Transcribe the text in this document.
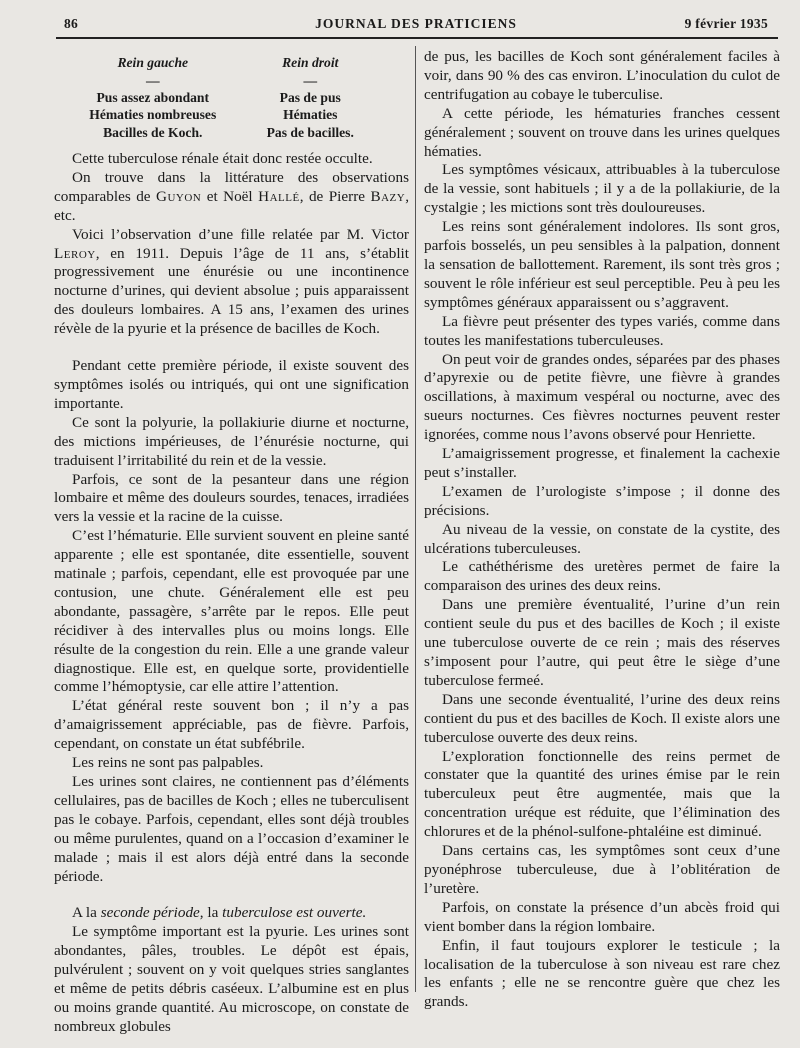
86	JOURNAL DES PRATICIENS	9 février 1935
Rein gauche
—
Pus assez abondant
Hématies nombreuses
Bacilles de Koch.
Rein droit
—
Pas de pus
Hématies
Pas de bacilles.

Cette tuberculose rénale était donc restée occulte.

On trouve dans la littérature des observations comparables de Guyon et Noël Hallé, de Pierre Bazy, etc.

Voici l’observation d’une fille relatée par M. Victor Leroy, en 1911. Depuis l’âge de 11 ans, s’établit progressivement une énurésie ou une incontinence nocturne d’urines, qui devient absolue ; puis apparaissent des douleurs lombaires. A 15 ans, l’examen des urines révèle de la pyurie et la présence de bacilles de Koch.

Pendant cette première période, il existe souvent des symptômes isolés ou intriqués, qui ont une signification importante.

Ce sont la polyurie, la pollakiurie diurne et nocturne, des mictions impérieuses, de l’énurésie nocturne, qui traduisent l’irritabilité du rein et de la vessie.

Parfois, ce sont de la pesanteur dans une région lombaire et même des douleurs sourdes, tenaces, irradiées vers la vessie et la racine de la cuisse.

C’est l’hématurie. Elle survient souvent en pleine santé apparente ; elle est spontanée, dite essentielle, souvent matinale ; parfois, cependant, elle est provoquée par une contusion, une chute. Généralement elle est peu abondante, passagère, s’arrête par le repos. Elle peut récidiver à des intervalles plus ou moins longs. Elle résulte de la congestion du rein. Elle a une grande valeur diagnostique. Elle est, en quelque sorte, providentielle comme l’hémoptysie, car elle attire l’attention.

L’état général reste souvent bon ; il n’y a pas d’amaigrissement appréciable, pas de fièvre. Parfois, cependant, on constate un état subfébrile.

Les reins ne sont pas palpables.

Les urines sont claires, ne contiennent pas d’éléments cellulaires, pas de bacilles de Koch ; elles ne tuberculisent pas le cobaye. Parfois, cependant, elles sont déjà troubles ou même purulentes, quand on a l’occasion d’examiner le malade ; mais il est alors déjà entré dans la seconde période.

A la seconde période, la tuberculose est ouverte.

Le symptôme important est la pyurie. Les urines sont abondantes, pâles, troubles. Le dépôt est épais, pulvérulent ; souvent on y voit quelques stries sanglantes et même de petits débris caséeux. L’albumine est en plus ou moins grande quantité. Au microscope, on constate de nombreux globules

de pus, les bacilles de Koch sont généralement faciles à voir, dans 90 % des cas environ. L’inoculation du culot de centrifugation au cobaye le tuberculise.

A cette période, les hématuries franches cessent généralement ; souvent on trouve dans les urines quelques hématies.

Les symptômes vésicaux, attribuables à la tuberculose de la vessie, sont habituels ; il y a de la pollakiurie, de la cystalgie ; les mictions sont très douloureuses.

Les reins sont généralement indolores. Ils sont gros, parfois bosselés, un peu sensibles à la palpation, donnent la sensation de ballottement. Rarement, ils sont très gros ; souvent le rôle inférieur est seul perceptible. Peu à peu les symptômes généraux apparaissent ou s’aggravent.

La fièvre peut présenter des types variés, comme dans toutes les manifestations tuberculeuses.

On peut voir de grandes ondes, séparées par des phases d’apyrexie ou de petite fièvre, une fièvre à grandes oscillations, à maximum vespéral ou nocturne, avec des sueurs nocturnes. Ces fièvres nocturnes peuvent rester ignorées, comme nous l’avons observé pour Henriette.

L’amaigrissement progresse, et finalement la cachexie peut s’installer.

L’examen de l’urologiste s’impose ; il donne des précisions.

Au niveau de la vessie, on constate de la cystite, des ulcérations tuberculeuses.

Le cathéthérisme des uretères permet de faire la comparaison des urines des deux reins.

Dans une première éventualité, l’urine d’un rein contient seule du pus et des bacilles de Koch ; il existe une tuberculose ouverte de ce rein ; mais des réserves s’imposent pour l’autre, qui peut être le siège d’une tuberculose fermeé.

Dans une seconde éventualité, l’urine des deux reins contient du pus et des bacilles de Koch. Il existe alors une tuberculose ouverte des deux reins.

L’exploration fonctionnelle des reins permet de constater que la quantité des urines émise par le rein tuberculeux peut être augmentée, mais que la concentration uréque est réduite, que l’élimination des chlorures et de la phénol-sulfone-phtaléine est diminué.

Dans certains cas, les symptômes sont ceux d’une pyonéphrose tuberculeuse, due à l’oblitération de l’uretère.

Parfois, on constate la présence d’un abcès froid qui vient bomber dans la région lombaire.

Enfin, il faut toujours explorer le testicule ; la localisation de la tuberculose à son niveau est rare chez les enfants ; elle ne se rencontre guère que chez les grands.
